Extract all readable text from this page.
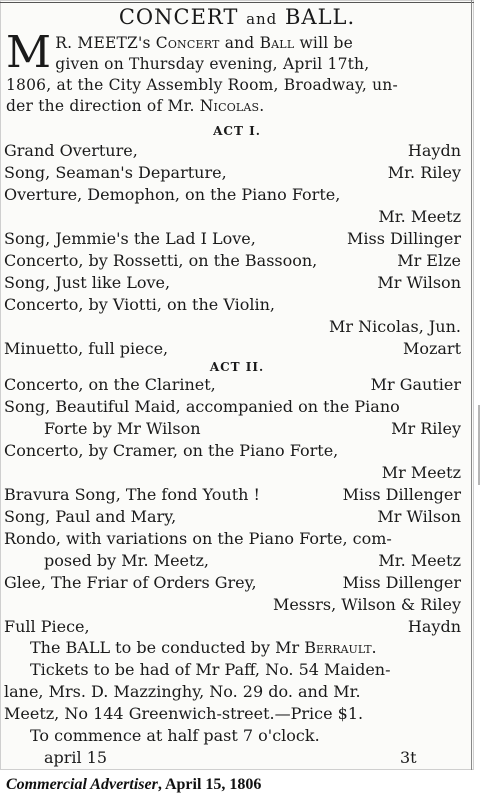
CONCERT and BALL.
M R. MEETZ's Concert and Ball will be
given on Thursday evening, April 17th,
1806, at the City Assembly Room, Broadway, un-
der the direction of Mr. Nicolas.
ACT I.
Grand Overture,	Haydn
Song, Seaman's Departure,	Mr. Riley
Overture, Demophon, on the Piano Forte,
Mr. Meetz
Song, Jemmie's the Lad I Love,	Miss Dillinger
Concerto, by Rossetti, on the Bassoon,	Mr Elze
Song, Just like Love,	Mr Wilson
Concerto, by Viotti, on the Violin,
Mr Nicolas, Jun.
Minuetto, full piece,	Mozart
ACT II.
Concerto, on the Clarinet,	Mr Gautier
Song, Beautiful Maid, accompanied on the Piano
Forte by Mr Wilson	Mr Riley
Concerto, by Cramer, on the Piano Forte,
Mr Meetz
Bravura Song, The fond Youth !	Miss Dillenger
Song, Paul and Mary,	Mr Wilson
Rondo, with variations on the Piano Forte, com-
posed by Mr. Meetz,	Mr. Meetz
Glee, The Friar of Orders Grey,	Miss Dillenger
Messrs, Wilson & Riley
Full Piece,	Haydn
The BALL to be conducted by Mr Berrault.
Tickets to be had of Mr Paff, No. 54 Maiden-
lane, Mrs. D. Mazzinghy, No. 29 do. and Mr.
Meetz, No 144 Greenwich-street.—Price $1.
To commence at half past 7 o'clock.
april 15	3t
Commercial Advertiser, April 15, 1806
